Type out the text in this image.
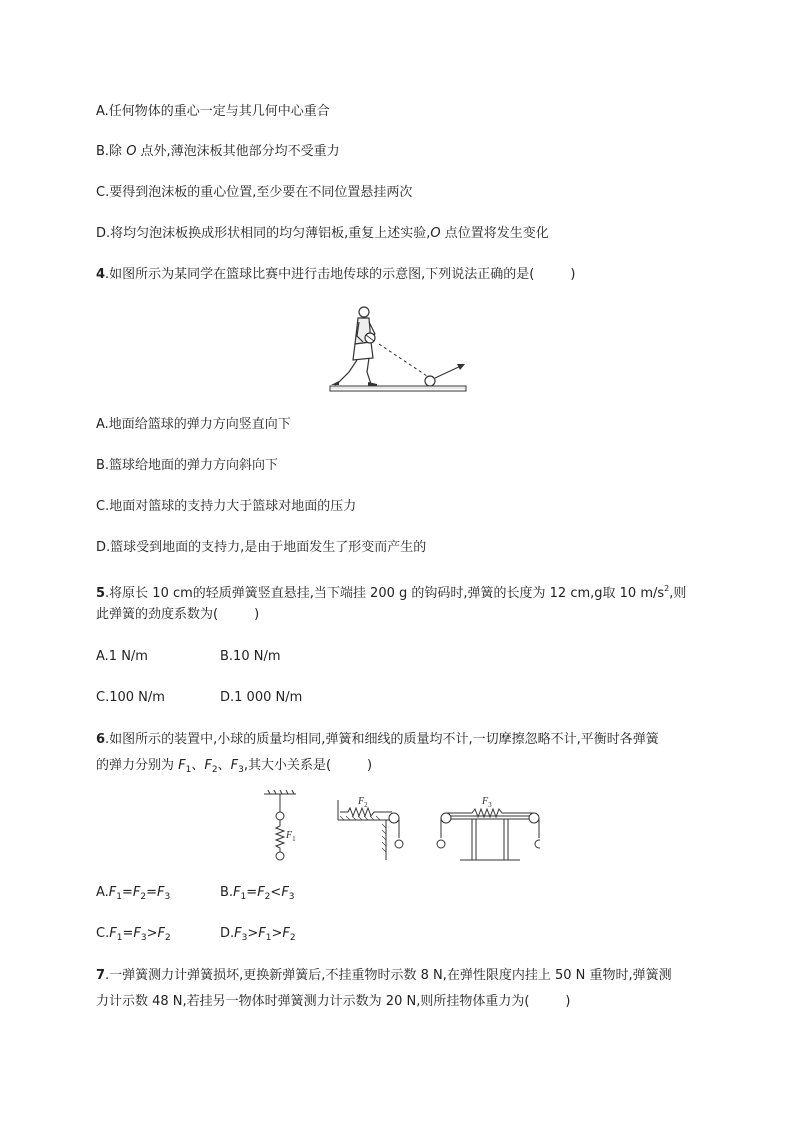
A.任何物体的重心一定与其几何中心重合
B.除 O 点外,薄泡沫板其他部分均不受重力
C.要得到泡沫板的重心位置,至少要在不同位置悬挂两次
D.将均匀泡沫板换成形状相同的均匀薄铝板,重复上述实验,O 点位置将发生变化
4.如图所示为某同学在篮球比赛中进行击地传球的示意图,下列说法正确的是(	)
A.地面给篮球的弹力方向竖直向下
B.篮球给地面的弹力方向斜向下
C.地面对篮球的支持力大于篮球对地面的压力
D.篮球受到地面的支持力,是由于地面发生了形变而产生的
5.将原长 10 cm的轻质弹簧竖直悬挂,当下端挂 200 g 的钩码时,弹簧的长度为 12 cm,g取 10 $m/s^2$,则
此弹簧的劲度系数为(	)
A.1 N/m	B.10 N/m
C.100 N/m	D.1 000 N/m
6.如图所示的装置中,小球的质量均相同,弹簧和细线的质量均不计,一切摩擦忽略不计,平衡时各弹簧
的弹力分别为 $F_1$、$F_2$、$F_3$,其大小关系是(	)
$F_1$
$F_2$	$F_3$
$A.F_1=F_2=F_3$	$B.F_1=F_2<F_3$
$C.F_1=F_3>F_2$	$D.F_3>F_1>F_2$
7.一弹簧测力计弹簧损坏,更换新弹簧后,不挂重物时示数 8 N,在弹性限度内挂上 50 N 重物时,弹簧测
力计示数 48 N,若挂另一物体时弹簧测力计示数为 20 N,则所挂物体重力为(	)
